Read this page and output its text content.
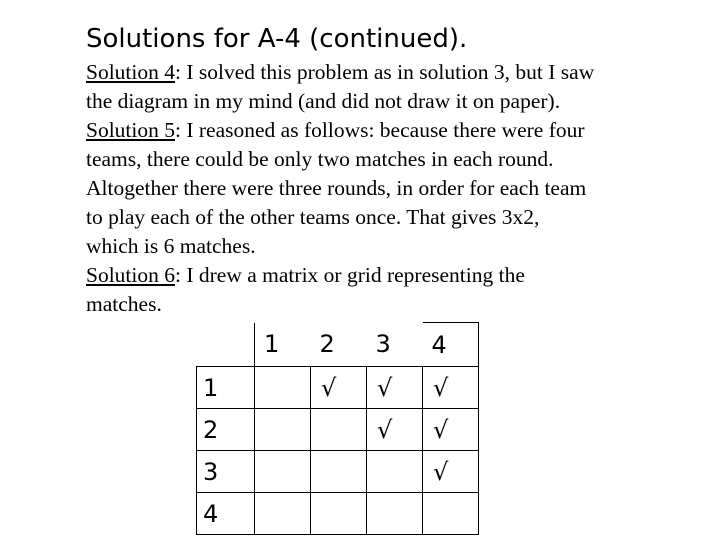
Solutions for A-4 (continued).
Solution 4: I solved this problem as in solution 3, but I saw
the diagram in my mind (and did not draw it on paper).
Solution 5: I reasoned as follows: because there were four
teams, there could be only two matches in each round.
Altogether there were three rounds, in order for each team
to play each of the other teams once. That gives 3x2,
which is 6 matches.
Solution 6: I drew a matrix or grid representing the
matches.
	1	2	3	4
1		√	√	√
2			√	√
3				√
4				
